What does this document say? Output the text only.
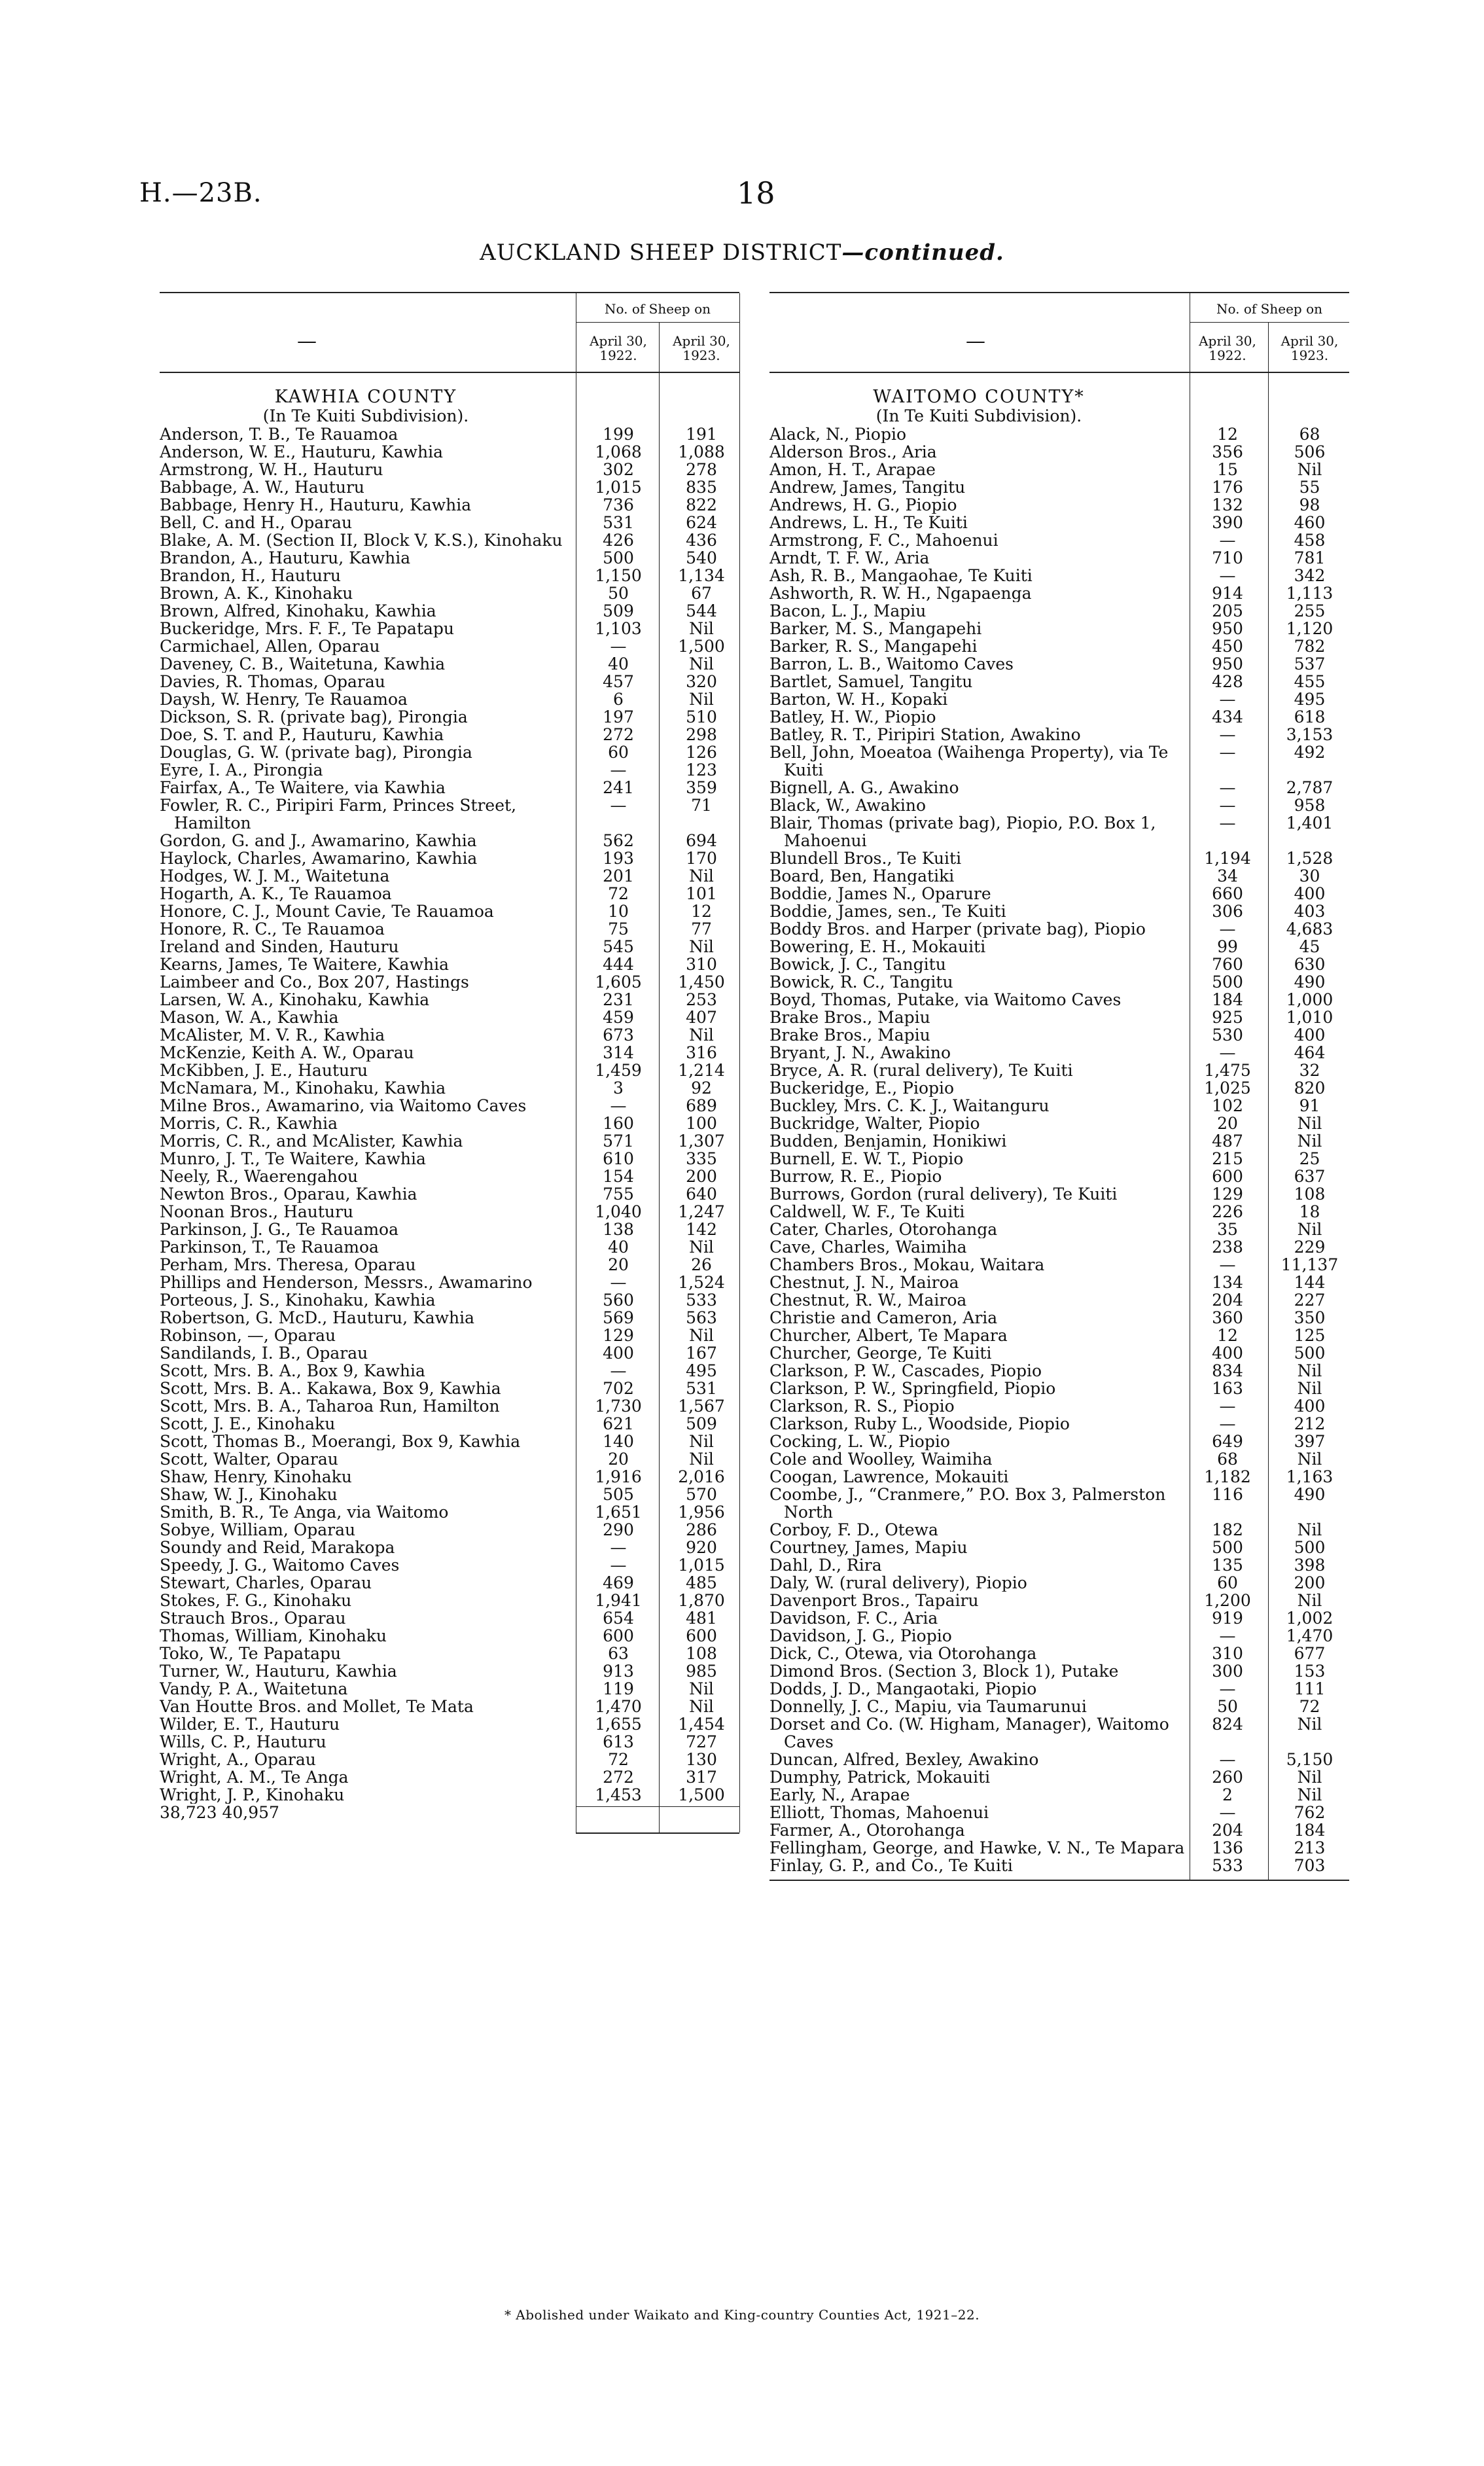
H.—23B.	18
AUCKLAND SHEEP DISTRICT—continued.
—
No. of Sheep on
April 30, 1922.
April 30, 1923.
KAWHIA COUNTY
(In Te Kuiti Subdivision).
Anderson, T. B., Te Rauamoa	199	191
Anderson, W. E., Hauturu, Kawhia	1,068	1,088
Armstrong, W. H., Hauturu	302	278
Babbage, A. W., Hauturu	1,015	835
Babbage, Henry H., Hauturu, Kawhia	736	822
Bell, C. and H., Oparau	531	624
Blake, A. M. (Section II, Block V, K.S.), Kinohaku	426	436
Brandon, A., Hauturu, Kawhia	500	540
Brandon, H., Hauturu	1,150	1,134
Brown, A. K., Kinohaku	50	67
Brown, Alfred, Kinohaku, Kawhia	509	544
Buckeridge, Mrs. F. F., Te Papatapu	1,103	Nil
Carmichael, Allen, Oparau	—	1,500
Daveney, C. B., Waitetuna, Kawhia	40	Nil
Davies, R. Thomas, Oparau	457	320
Daysh, W. Henry, Te Rauamoa	6	Nil
Dickson, S. R. (private bag), Pirongia	197	510
Doe, S. T. and P., Hauturu, Kawhia	272	298
Douglas, G. W. (private bag), Pirongia	60	126
Eyre, I. A., Pirongia	—	123
Fairfax, A., Te Waitere, via Kawhia	241	359
Fowler, R. C., Piripiri Farm, Princes Street, Hamilton
—	71
Gordon, G. and J., Awamarino, Kawhia	562	694
Haylock, Charles, Awamarino, Kawhia	193	170
Hodges, W. J. M., Waitetuna	201	Nil
Hogarth, A. K., Te Rauamoa	72	101
Honore, C. J., Mount Cavie, Te Rauamoa	10	12
Honore, R. C., Te Rauamoa	75	77
Ireland and Sinden, Hauturu	545	Nil
Kearns, James, Te Waitere, Kawhia	444	310
Laimbeer and Co., Box 207, Hastings	1,605	1,450
Larsen, W. A., Kinohaku, Kawhia	231	253
Mason, W. A., Kawhia	459	407
McAlister, M. V. R., Kawhia	673	Nil
McKenzie, Keith A. W., Oparau	314	316
McKibben, J. E., Hauturu	1,459	1,214
McNamara, M., Kinohaku, Kawhia	3	92
Milne Bros., Awamarino, via Waitomo Caves	—	689
Morris, C. R., Kawhia	160	100
Morris, C. R., and McAlister, Kawhia	571	1,307
Munro, J. T., Te Waitere, Kawhia	610	335
Neely, R., Waerengahou	154	200
Newton Bros., Oparau, Kawhia	755	640
Noonan Bros., Hauturu	1,040	1,247
Parkinson, J. G., Te Rauamoa	138	142
Parkinson, T., Te Rauamoa	40	Nil
Perham, Mrs. Theresa, Oparau	20	26
Phillips and Henderson, Messrs., Awamarino	—	1,524
Porteous, J. S., Kinohaku, Kawhia	560	533
Robertson, G. McD., Hauturu, Kawhia	569	563
Robinson, —, Oparau	129	Nil
Sandilands, I. B., Oparau	400	167
Scott, Mrs. B. A., Box 9, Kawhia	—	495
Scott, Mrs. B. A.. Kakawa, Box 9, Kawhia	702	531
Scott, Mrs. B. A., Taharoa Run, Hamilton	1,730	1,567
Scott, J. E., Kinohaku	621	509
Scott, Thomas B., Moerangi, Box 9, Kawhia	140	Nil
Scott, Walter, Oparau	20	Nil
Shaw, Henry, Kinohaku	1,916	2,016
Shaw, W. J., Kinohaku	505	570
Smith, B. R., Te Anga, via Waitomo	1,651	1,956
Sobye, William, Oparau	290	286
Soundy and Reid, Marakopa	—	920
Speedy, J. G., Waitomo Caves	—	1,015
Stewart, Charles, Oparau	469	485
Stokes, F. G., Kinohaku	1,941	1,870
Strauch Bros., Oparau	654	481
Thomas, William, Kinohaku	600	600
Toko, W., Te Papatapu	63	108
Turner, W., Hauturu, Kawhia	913	985
Vandy, P. A., Waitetuna	119	Nil
Van Houtte Bros. and Mollet, Te Mata	1,470	Nil
Wilder, E. T., Hauturu	1,655	1,454
Wills, C. P., Hauturu	613	727
Wright, A., Oparau	72	130
Wright, A. M., Te Anga	272	317
Wright, J. P., Kinohaku	1,453	1,500
38,723 40,957
—
No. of Sheep on
April 30, 1922.
April 30, 1923.
WAITOMO COUNTY*
(In Te Kuiti Subdivision).
Alack, N., Piopio	12	68
Alderson Bros., Aria	356	506
Amon, H. T., Arapae	15	Nil
Andrew, James, Tangitu	176	55
Andrews, H. G., Piopio	132	98
Andrews, L. H., Te Kuiti	390	460
Armstrong, F. C., Mahoenui	—	458
Arndt, T. F. W., Aria	710	781
Ash, R. B., Mangaohae, Te Kuiti	—	342
Ashworth, R. W. H., Ngapaenga	914	1,113
Bacon, L. J., Mapiu	205	255
Barker, M. S., Mangapehi	950	1,120
Barker, R. S., Mangapehi	450	782
Barron, L. B., Waitomo Caves	950	537
Bartlet, Samuel, Tangitu	428	455
Barton, W. H., Kopaki	—	495
Batley, H. W., Piopio	434	618
Batley, R. T., Piripiri Station, Awakino	—	3,153
Bell, John, Moeatoa (Waihenga Property), via Te Kuiti
—	492
Bignell, A. G., Awakino	—	2,787
Black, W., Awakino	—	958
Blair, Thomas (private bag), Piopio, P.O. Box 1, Mahoenui
—	1,401
Blundell Bros., Te Kuiti	1,194	1,528
Board, Ben, Hangatiki	34	30
Boddie, James N., Oparure	660	400
Boddie, James, sen., Te Kuiti	306	403
Boddy Bros. and Harper (private bag), Piopio	—	4,683
Bowering, E. H., Mokauiti	99	45
Bowick, J. C., Tangitu	760	630
Bowick, R. C., Tangitu	500	490
Boyd, Thomas, Putake, via Waitomo Caves	184	1,000
Brake Bros., Mapiu	925	1,010
Brake Bros., Mapiu	530	400
Bryant, J. N., Awakino	—	464
Bryce, A. R. (rural delivery), Te Kuiti	1,475	32
Buckeridge, E., Piopio	1,025	820
Buckley, Mrs. C. K. J., Waitanguru	102	91
Buckridge, Walter, Piopio	20	Nil
Budden, Benjamin, Honikiwi	487	Nil
Burnell, E. W. T., Piopio	215	25
Burrow, R. E., Piopio	600	637
Burrows, Gordon (rural delivery), Te Kuiti	129	108
Caldwell, W. F., Te Kuiti	226	18
Cater, Charles, Otorohanga	35	Nil
Cave, Charles, Waimiha	238	229
Chambers Bros., Mokau, Waitara	—	11,137
Chestnut, J. N., Mairoa	134	144
Chestnut, R. W., Mairoa	204	227
Christie and Cameron, Aria	360	350
Churcher, Albert, Te Mapara	12	125
Churcher, George, Te Kuiti	400	500
Clarkson, P. W., Cascades, Piopio	834	Nil
Clarkson, P. W., Springfield, Piopio	163	Nil
Clarkson, R. S., Piopio	—	400
Clarkson, Ruby L., Woodside, Piopio	—	212
Cocking, L. W., Piopio	649	397
Cole and Woolley, Waimiha	68	Nil
Coogan, Lawrence, Mokauiti	1,182	1,163
Coombe, J., “Cranmere,” P.O. Box 3, Palmerston North
116	490
Corboy, F. D., Otewa	182	Nil
Courtney, James, Mapiu	500	500
Dahl, D., Rira	135	398
Daly, W. (rural delivery), Piopio	60	200
Davenport Bros., Tapairu	1,200	Nil
Davidson, F. C., Aria	919	1,002
Davidson, J. G., Piopio	—	1,470
Dick, C., Otewa, via Otorohanga	310	677
Dimond Bros. (Section 3, Block 1), Putake	300	153
Dodds, J. D., Mangaotaki, Piopio	—	111
Donnelly, J. C., Mapiu, via Taumarunui	50	72
Dorset and Co. (W. Higham, Manager), Waitomo Caves
824	Nil
Duncan, Alfred, Bexley, Awakino	—	5,150
Dumphy, Patrick, Mokauiti	260	Nil
Early, N., Arapae	2	Nil
Elliott, Thomas, Mahoenui	—	762
Farmer, A., Otorohanga	204	184
Fellingham, George, and Hawke, V. N., Te Mapara	136	213
Finlay, G. P., and Co., Te Kuiti	533	703
* Abolished under Waikato and King-country Counties Act, 1921–22.
